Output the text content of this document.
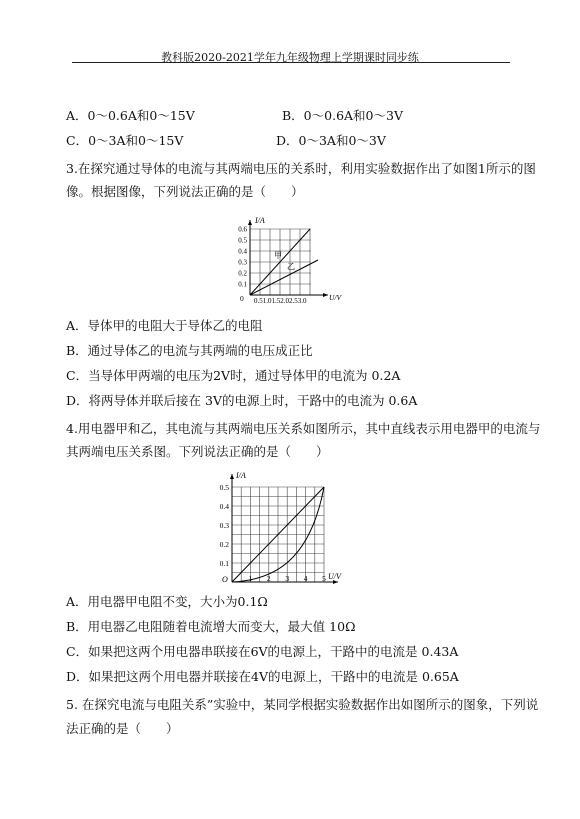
教科版2020-2021学年九年级物理上学期课时同步练
A．0～0.6A和0～15V	B．0～0.6A和0～3V
C．0～3A和0～15V	D．0～3A和0～3V
3.在探究通过导体的电流与其两端电压的关系时，利用实验数据作出了如图1所示的图
像。根据图像，下列说法正确的是（　　）
I/A
U/V
0
0.6
0.5
0.4
0.3
0.2
0.1
0.51.01.52.02.53.0
甲
乙
A．导体甲的电阻大于导体乙的电阻
B．通过导体乙的电流与其两端的电压成正比
C．当导体甲两端的电压为2V时，通过导体甲的电流为 0.2A
D．将两导体并联后接在 3V的电源上时，干路中的电流为 0.6A
4.用电器甲和乙，其电流与其两端电压关系如图所示，其中直线表示用电器甲的电流与
其两端电压关系图。下列说法正确的是（　　）
I/A
U/V
O
0.5
0.4
0.3
0.2
0.1
1 2 3 4 5
A．用电器甲电阻不变，大小为0.1Ω
B．用电器乙电阻随着电流增大而变大，最大值 10Ω
C．如果把这两个用电器串联接在6V的电源上，干路中的电流是 0.43A
D．如果把这两个用电器并联接在4V的电源上，干路中的电流是 0.65A
5. 在探究电流与电阻关系”实验中，某同学根据实验数据作出如图所示的图象，下列说
法正确的是（　　）
